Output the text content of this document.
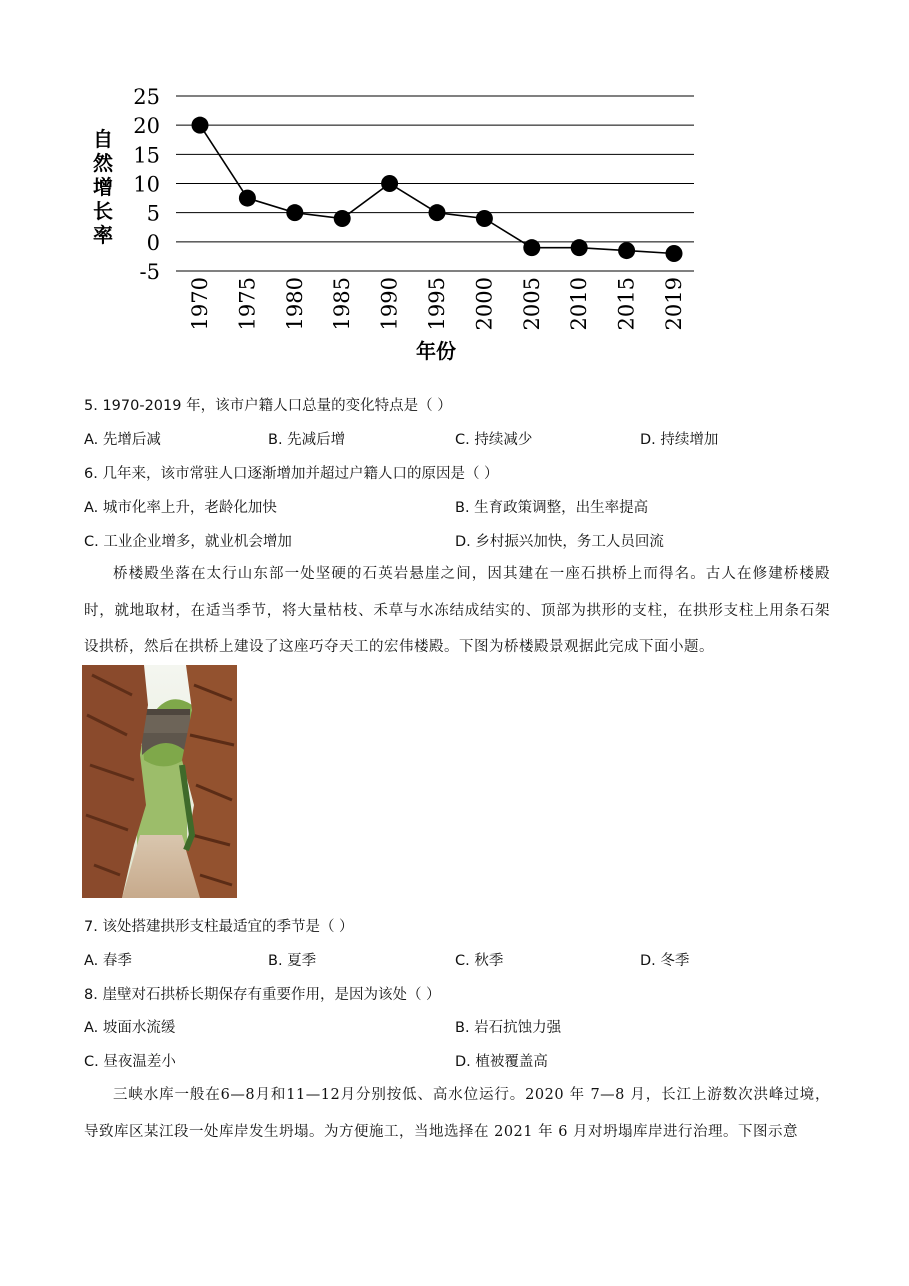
25
20
15
10
5
0
-5
1970 1975 1980 1985 1990 1995 2000 2005 2010 2015 2019
自
然
增
长
率
年份
5. 1970-2019 年，该市户籍人口总量的变化特点是（ ）
A. 先增后减	B. 先减后增	C. 持续减少	D. 持续增加
6. 几年来，该市常驻人口逐渐增加并超过户籍人口的原因是（ ）
A. 城市化率上升，老龄化加快	B. 生育政策调整，出生率提高
C. 工业企业增多，就业机会增加	D. 乡村振兴加快，务工人员回流
桥楼殿坐落在太行山东部一处坚硬的石英岩悬崖之间，因其建在一座石拱桥上而得名。古人在修建桥楼殿时，就地取材，在适当季节，将大量枯枝、禾草与水冻结成结实的、顶部为拱形的支柱，在拱形支柱上用条石架设拱桥，然后在拱桥上建设了这座巧夺天工的宏伟楼殿。下图为桥楼殿景观据此完成下面小题。
7. 该处搭建拱形支柱最适宜的季节是（ ）
A. 春季	B. 夏季	C. 秋季	D. 冬季
8. 崖壁对石拱桥长期保存有重要作用，是因为该处（ ）
A. 坡面水流缓	B. 岩石抗蚀力强
C. 昼夜温差小	D. 植被覆盖高
三峡水库一般在6—8月和11—12月分别按低、高水位运行。2020 年 7—8 月，长江上游数次洪峰过境，导致库区某江段一处库岸发生坍塌。为方便施工，当地选择在 2021 年 6 月对坍塌库岸进行治理。下图示意
